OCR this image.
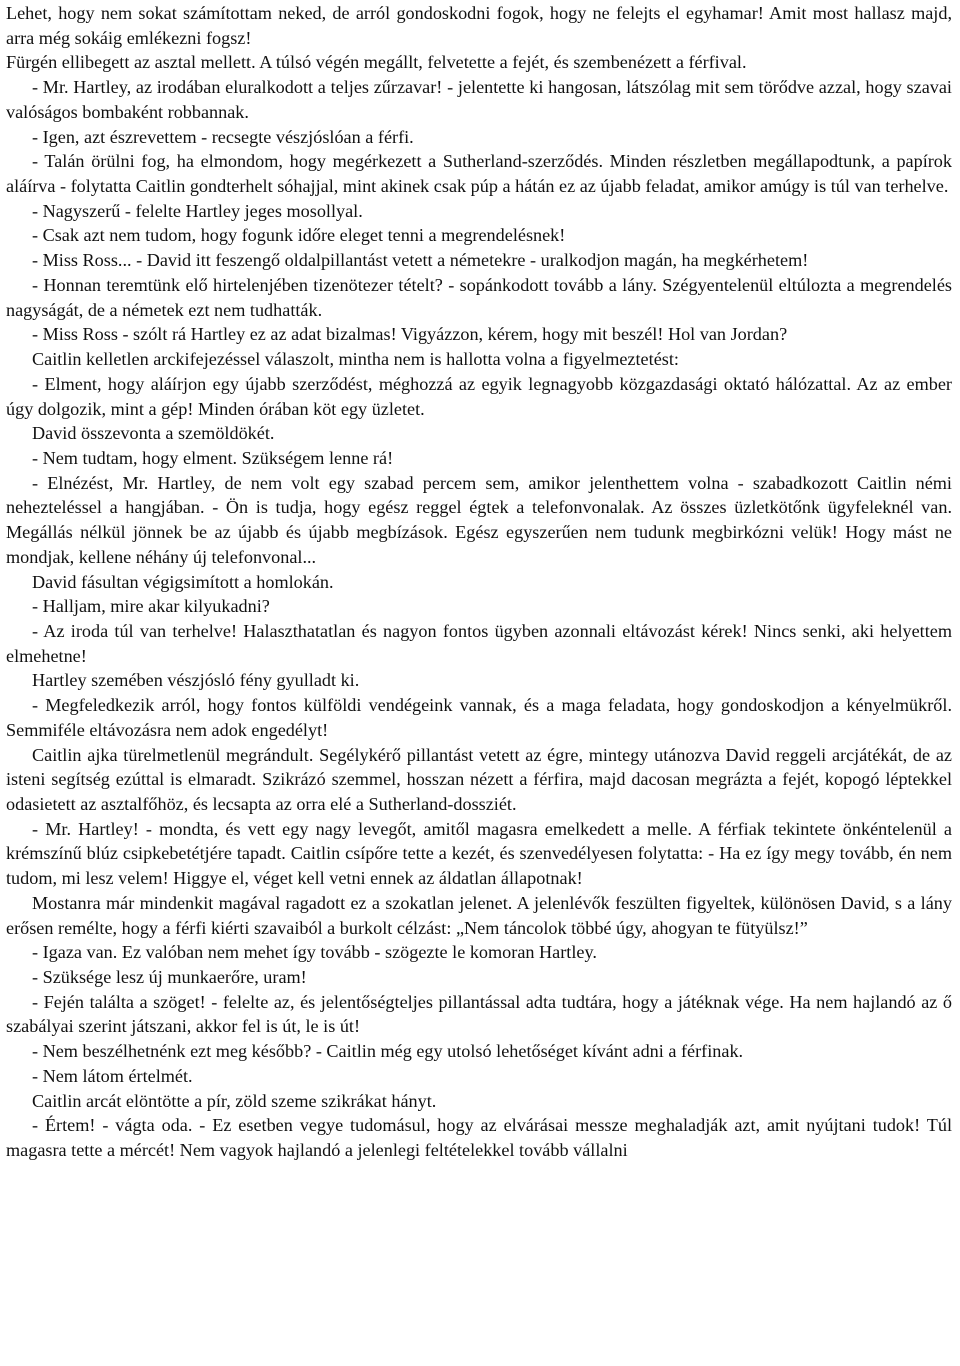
Lehet, hogy nem sokat számítottam neked, de arról gondoskodni fogok, hogy ne felejts el egyhamar! Amit most hallasz majd, arra még sokáig emlékezni fogsz!

Fürgén ellibegett az asztal mellett. A túlsó végén megállt, felvetette a fejét, és szembenézett a férfival.

- Mr. Hartley, az irodában eluralkodott a teljes zűrzavar! - jelentette ki hangosan, látszólag mit sem törődve azzal, hogy szavai valóságos bombaként robbannak.

- Igen, azt észrevettem - recsegte vészjóslóan a férfi.

- Talán örülni fog, ha elmondom, hogy megérkezett a Sutherland-szerződés. Minden részletben megállapodtunk, a papírok aláírva - folytatta Caitlin gondterhelt sóhajjal, mint akinek csak púp a hátán ez az újabb feladat, amikor amúgy is túl van terhelve.

- Nagyszerű - felelte Hartley jeges mosollyal.

- Csak azt nem tudom, hogy fogunk időre eleget tenni a megrendelésnek!

- Miss Ross... - David itt feszengő oldalpillantást vetett a németekre - uralkodjon magán, ha megkérhetem!

- Honnan teremtünk elő hirtelenjében tizenötezer tételt? - sopánkodott tovább a lány. Szégyentelenül eltúlozta a megrendelés nagyságát, de a németek ezt nem tudhatták.

- Miss Ross - szólt rá Hartley ez az adat bizalmas! Vigyázzon, kérem, hogy mit beszél! Hol van Jordan?

Caitlin kelletlen arckifejezéssel válaszolt, mintha nem is hallotta volna a figyelmeztetést:

- Elment, hogy aláírjon egy újabb szerződést, méghozzá az egyik legnagyobb közgazdasági oktató hálózattal. Az az ember úgy dolgozik, mint a gép! Minden órában köt egy üzletet.

David összevonta a szemöldökét.

- Nem tudtam, hogy elment. Szükségem lenne rá!

- Elnézést, Mr. Hartley, de nem volt egy szabad percem sem, amikor jelenthettem volna - szabadkozott Caitlin némi nehezteléssel a hangjában. - Ön is tudja, hogy egész reggel égtek a telefonvonalak. Az összes üzletkötőnk ügyfeleknél van. Megállás nélkül jönnek be az újabb és újabb megbízások. Egész egyszerűen nem tudunk megbirkózni velük! Hogy mást ne mondjak, kellene néhány új telefonvonal...

David fásultan végigsimított a homlokán.

- Halljam, mire akar kilyukadni?

- Az iroda túl van terhelve! Halaszthatatlan és nagyon fontos ügyben azonnali eltávozást kérek! Nincs senki, aki helyettem elmehetne!

Hartley szemében vészjósló fény gyulladt ki.

- Megfeledkezik arról, hogy fontos külföldi vendégeink vannak, és a maga feladata, hogy gondoskodjon a kényelmükről. Semmiféle eltávozásra nem adok engedélyt!

Caitlin ajka türelmetlenül megrándult. Segélykérő pillantást vetett az égre, mintegy utánozva David reggeli arcjátékát, de az isteni segítség ezúttal is elmaradt. Szikrázó szemmel, hosszan nézett a férfira, majd dacosan megrázta a fejét, kopogó léptekkel odasietett az asztalfőhöz, és lecsapta az orra elé a Sutherland-dossziét.

- Mr. Hartley! - mondta, és vett egy nagy levegőt, amitől magasra emelkedett a melle. A férfiak tekintete önkéntelenül a krémszínű blúz csipkebetétjére tapadt. Caitlin csípőre tette a kezét, és szenvedélyesen folytatta: - Ha ez így megy tovább, én nem tudom, mi lesz velem! Higgye el, véget kell vetni ennek az áldatlan állapotnak!

Mostanra már mindenkit magával ragadott ez a szokatlan jelenet. A jelenlévők feszülten figyeltek, különösen David, s a lány erősen remélte, hogy a férfi kiérti szavaiból a burkolt célzást: „Nem táncolok többé úgy, ahogyan te fütyülsz!”

- Igaza van. Ez valóban nem mehet így tovább - szögezte le komoran Hartley.

- Szüksége lesz új munkaerőre, uram!

- Fején találta a szöget! - felelte az, és jelentőségteljes pillantással adta tudtára, hogy a játéknak vége. Ha nem hajlandó az ő szabályai szerint játszani, akkor fel is út, le is út!

- Nem beszélhetnénk ezt meg később? - Caitlin még egy utolsó lehetőséget kívánt adni a férfinak.

- Nem látom értelmét.

Caitlin arcát elöntötte a pír, zöld szeme szikrákat hányt.

- Értem! - vágta oda. - Ez esetben vegye tudomásul, hogy az elvárásai messze meghaladják azt, amit nyújtani tudok! Túl magasra tette a mércét! Nem vagyok hajlandó a jelenlegi feltételekkel tovább vállalni
